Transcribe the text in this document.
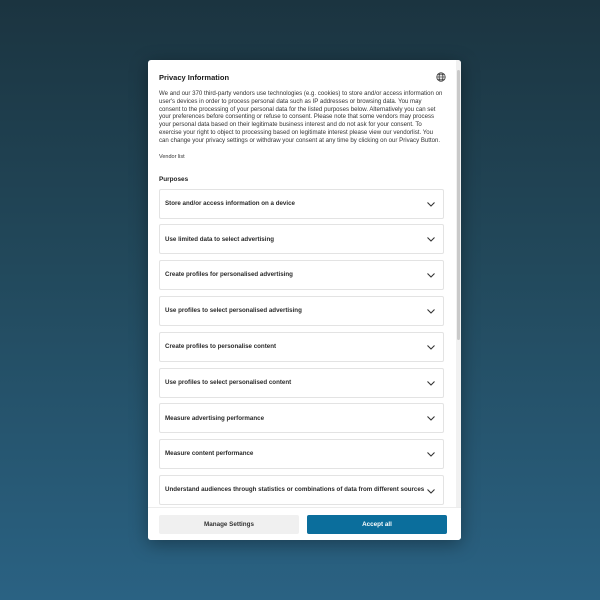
Privacy Information

We and our 370 third-party vendors use technologies (e.g. cookies) to store and/or access information on user's devices in order to process personal data such as IP addresses or browsing data. You may consent to the processing of your personal data for the listed purposes below. Alternatively you can set your preferences before consenting or refuse to consent. Please note that some vendors may process your personal data based on their legitimate business interest and do not ask for your consent. To exercise your right to object to processing based on legitimate interest please view our vendorlist. You can change your privacy settings or withdraw your consent at any time by clicking on our Privacy Button.

Vendor list
Purposes
Store and/or access information on a device
Use limited data to select advertising
Create profiles for personalised advertising
Use profiles to select personalised advertising
Create profiles to personalise content
Use profiles to select personalised content
Measure advertising performance
Measure content performance
Understand audiences through statistics or combinations of data from different sources
Manage Settings	Accept all
